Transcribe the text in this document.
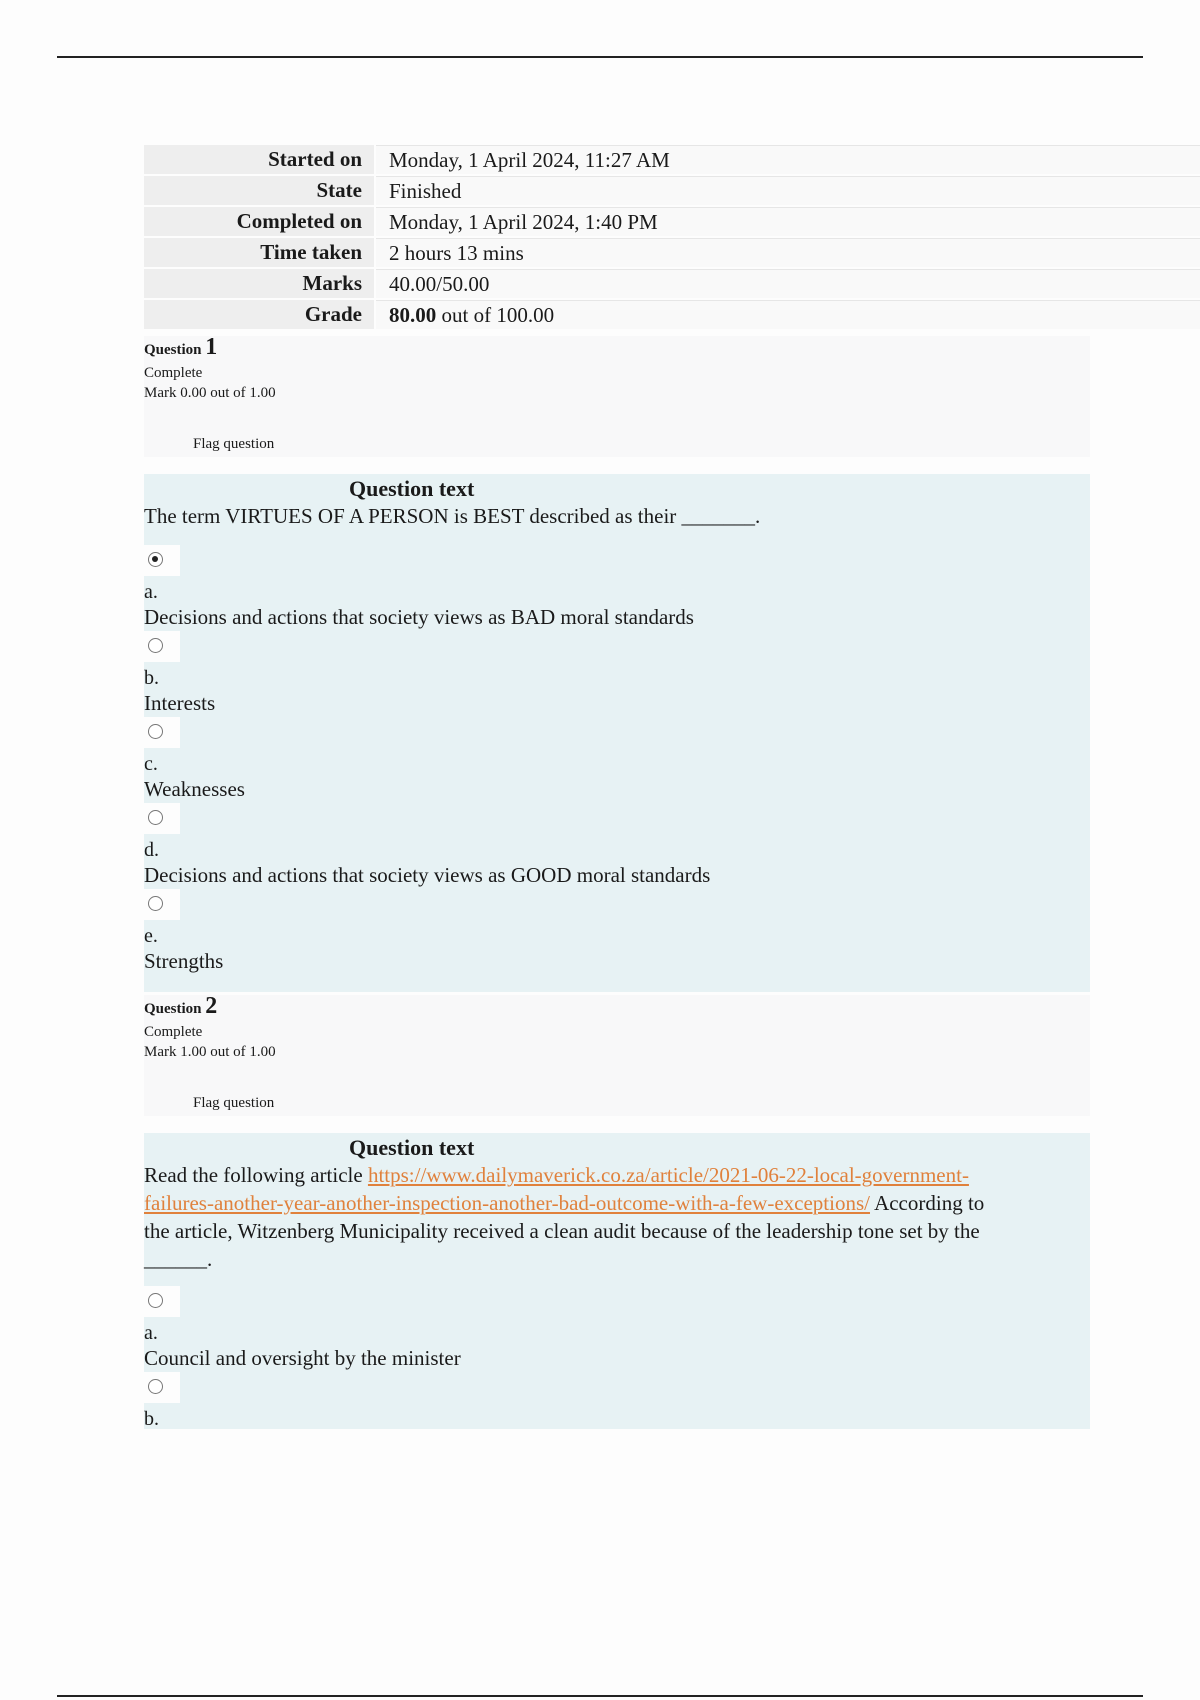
Started on	Monday, 1 April 2024, 11:27 AM
State	Finished
Completed on	Monday, 1 April 2024, 1:40 PM
Time taken	2 hours 13 mins
Marks	40.00/50.00
Grade	80.00 out of 100.00
Question 1
Complete
Mark 0.00 out of 1.00
Flag question
Question text
The term VIRTUES OF A PERSON is BEST described as their _______.
a.
Decisions and actions that society views as BAD moral standards
b.
Interests
c.
Weaknesses
d.
Decisions and actions that society views as GOOD moral standards
e.
Strengths
Question 2
Complete
Mark 1.00 out of 1.00
Flag question
Question text
Read the following article https://www.dailymaverick.co.za/article/2021-06-22-local-government-
failures-another-year-another-inspection-another-bad-outcome-with-a-few-exceptions/ According to
the article, Witzenberg Municipality received a clean audit because of the leadership tone set by the
______.
a.
Council and oversight by the minister
b.
